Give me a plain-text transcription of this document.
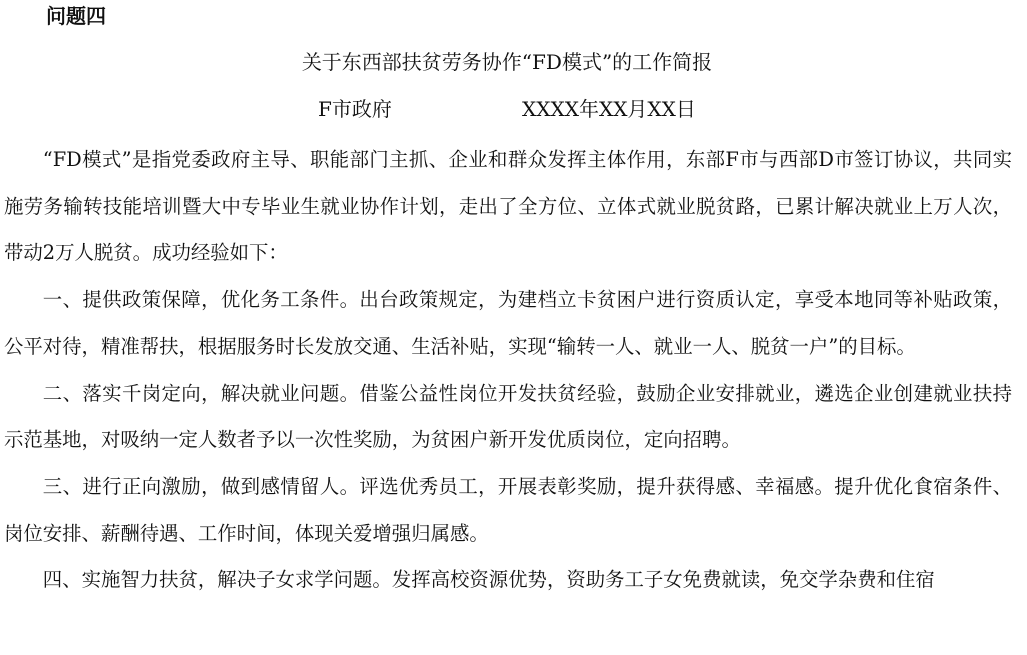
问题四
关于东西部扶贫劳务协作“FD模式”的工作简报
F市政府	XXXX年XX月XX日

“FD模式”是指党委政府主导、职能部门主抓、企业和群众发挥主体作用，东部F市与西部D市签订协议，共同实施劳务输转技能培训暨大中专毕业生就业协作计划，走出了全方位、立体式就业脱贫路，已累计解决就业上万人次，带动2万人脱贫。成功经验如下：

一、提供政策保障，优化务工条件。出台政策规定，为建档立卡贫困户进行资质认定，享受本地同等补贴政策，公平对待，精准帮扶，根据服务时长发放交通、生活补贴，实现“输转一人、就业一人、脱贫一户”的目标。

二、落实千岗定向，解决就业问题。借鉴公益性岗位开发扶贫经验，鼓励企业安排就业，遴选企业创建就业扶持示范基地，对吸纳一定人数者予以一次性奖励，为贫困户新开发优质岗位，定向招聘。

三、进行正向激励，做到感情留人。评选优秀员工，开展表彰奖励，提升获得感、幸福感。提升优化食宿条件、岗位安排、薪酬待遇、工作时间，体现关爱增强归属感。

四、实施智力扶贫，解决子女求学问题。发挥高校资源优势，资助务工子女免费就读，免交学杂费和住宿
